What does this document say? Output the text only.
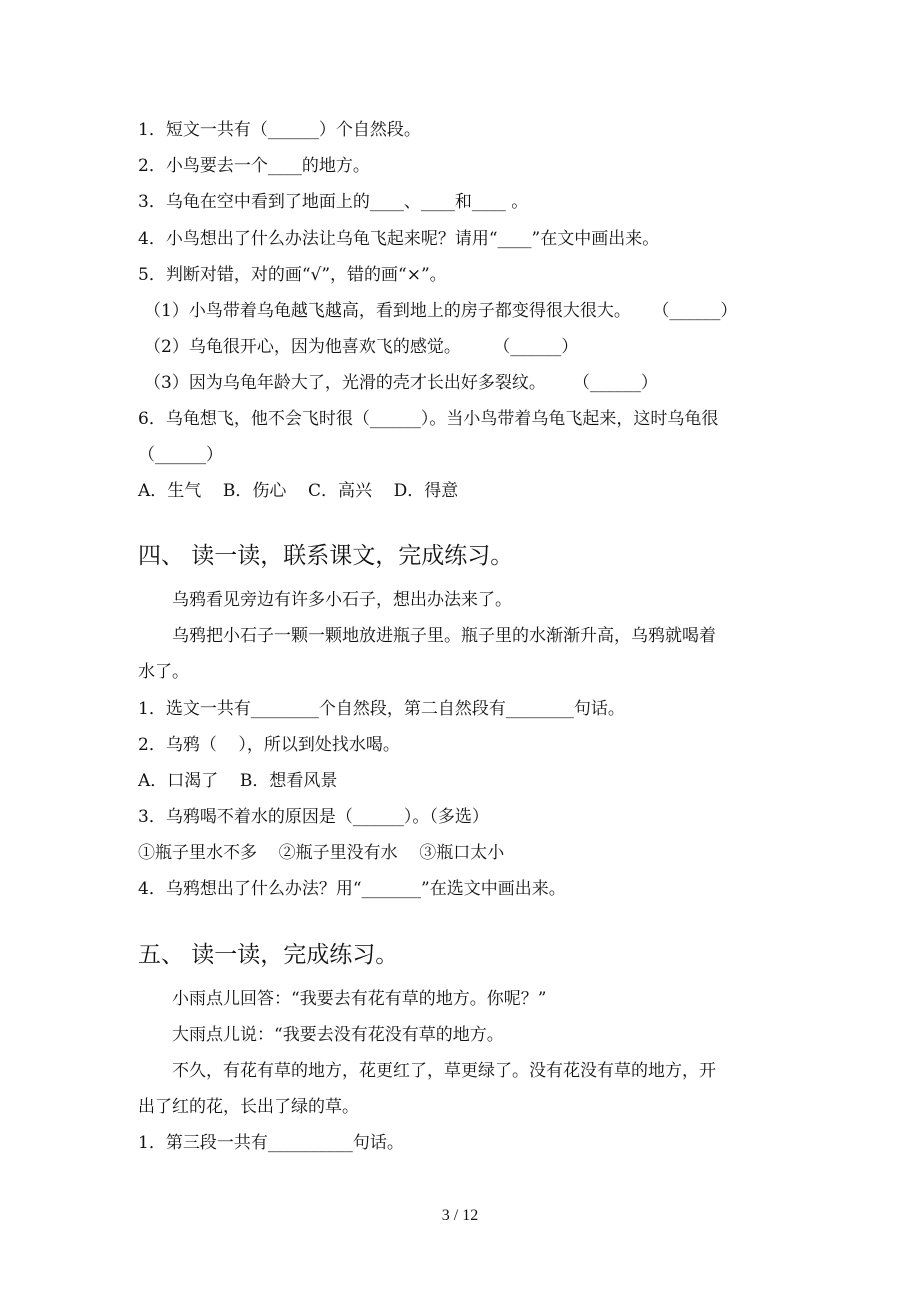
1．短文一共有（______）个自然段。
2．小鸟要去一个____的地方。
3．乌龟在空中看到了地面上的____、____和____ 。
4．小鸟想出了什么办法让乌龟飞起来呢？请用“____”在文中画出来。
5．判断对错，对的画“√”，错的画“×”。
（1）小鸟带着乌龟越飞越高，看到地上的房子都变得很大很大。    （______）
（2）乌龟很开心，因为他喜欢飞的感觉。      （______）
（3）因为乌龟年龄大了，光滑的壳才长出好多裂纹。     （______）
6．乌龟想飞，他不会飞时很（______）。当小鸟带着乌龟飞起来，这时乌龟很
（______）
A．生气    B．伤心    C．高兴    D．得意
四、 读一读，联系课文，完成练习。
乌鸦看见旁边有许多小石子，想出办法来了。
乌鸦把小石子一颗一颗地放进瓶子里。瓶子里的水渐渐升高，乌鸦就喝着
水了。
1．选文一共有________个自然段，第二自然段有________句话。
2．乌鸦（    ），所以到处找水喝。
A．口渴了    B．想看风景
3．乌鸦喝不着水的原因是（______）。（多选）
①瓶子里水不多    ②瓶子里没有水    ③瓶口太小
4．乌鸦想出了什么办法？用“_______”在选文中画出来。
五、 读一读，完成练习。
小雨点儿回答：“我要去有花有草的地方。你呢？”
大雨点儿说：“我要去没有花没有草的地方。
不久，有花有草的地方，花更红了，草更绿了。没有花没有草的地方，开
出了红的花，长出了绿的草。
1．第三段一共有__________句话。
3 / 12
